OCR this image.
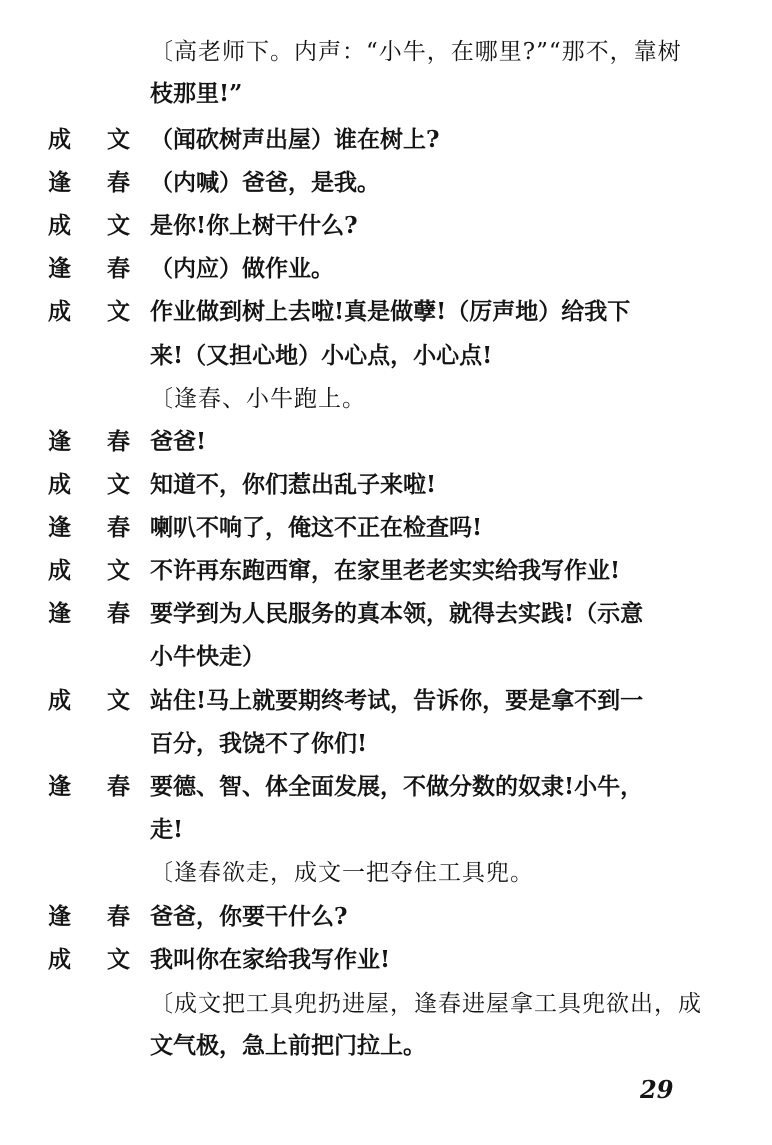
〔高老师下。内声：“小牛，在哪里?”“那不，靠树
枝那里!”
成 文 （闻砍树声出屋）谁在树上?
逢 春 （内喊）爸爸，是我。
成 文 是你!你上树干什么?
逢 春 （内应）做作业。
成 文 作业做到树上去啦!真是做孽!（厉声地）给我下
来!（又担心地）小心点，小心点!
〔逢春、小牛跑上。
逢 春 爸爸!
成 文 知道不，你们惹出乱子来啦!
逢 春 喇叭不响了，俺这不正在检查吗!
成 文 不许再东跑西窜，在家里老老实实给我写作业!
逢 春 要学到为人民服务的真本领，就得去实践!（示意
小牛快走）
成 文 站住!马上就要期终考试，告诉你，要是拿不到一
百分，我饶不了你们!
逢 春 要德、智、体全面发展，不做分数的奴隶!小牛，
走!
〔逢春欲走，成文一把夺住工具兜。
逢 春 爸爸，你要干什么?
成 文 我叫你在家给我写作业!
〔成文把工具兜扔进屋，逢春进屋拿工具兜欲出，成
文气极，急上前把门拉上。
29
